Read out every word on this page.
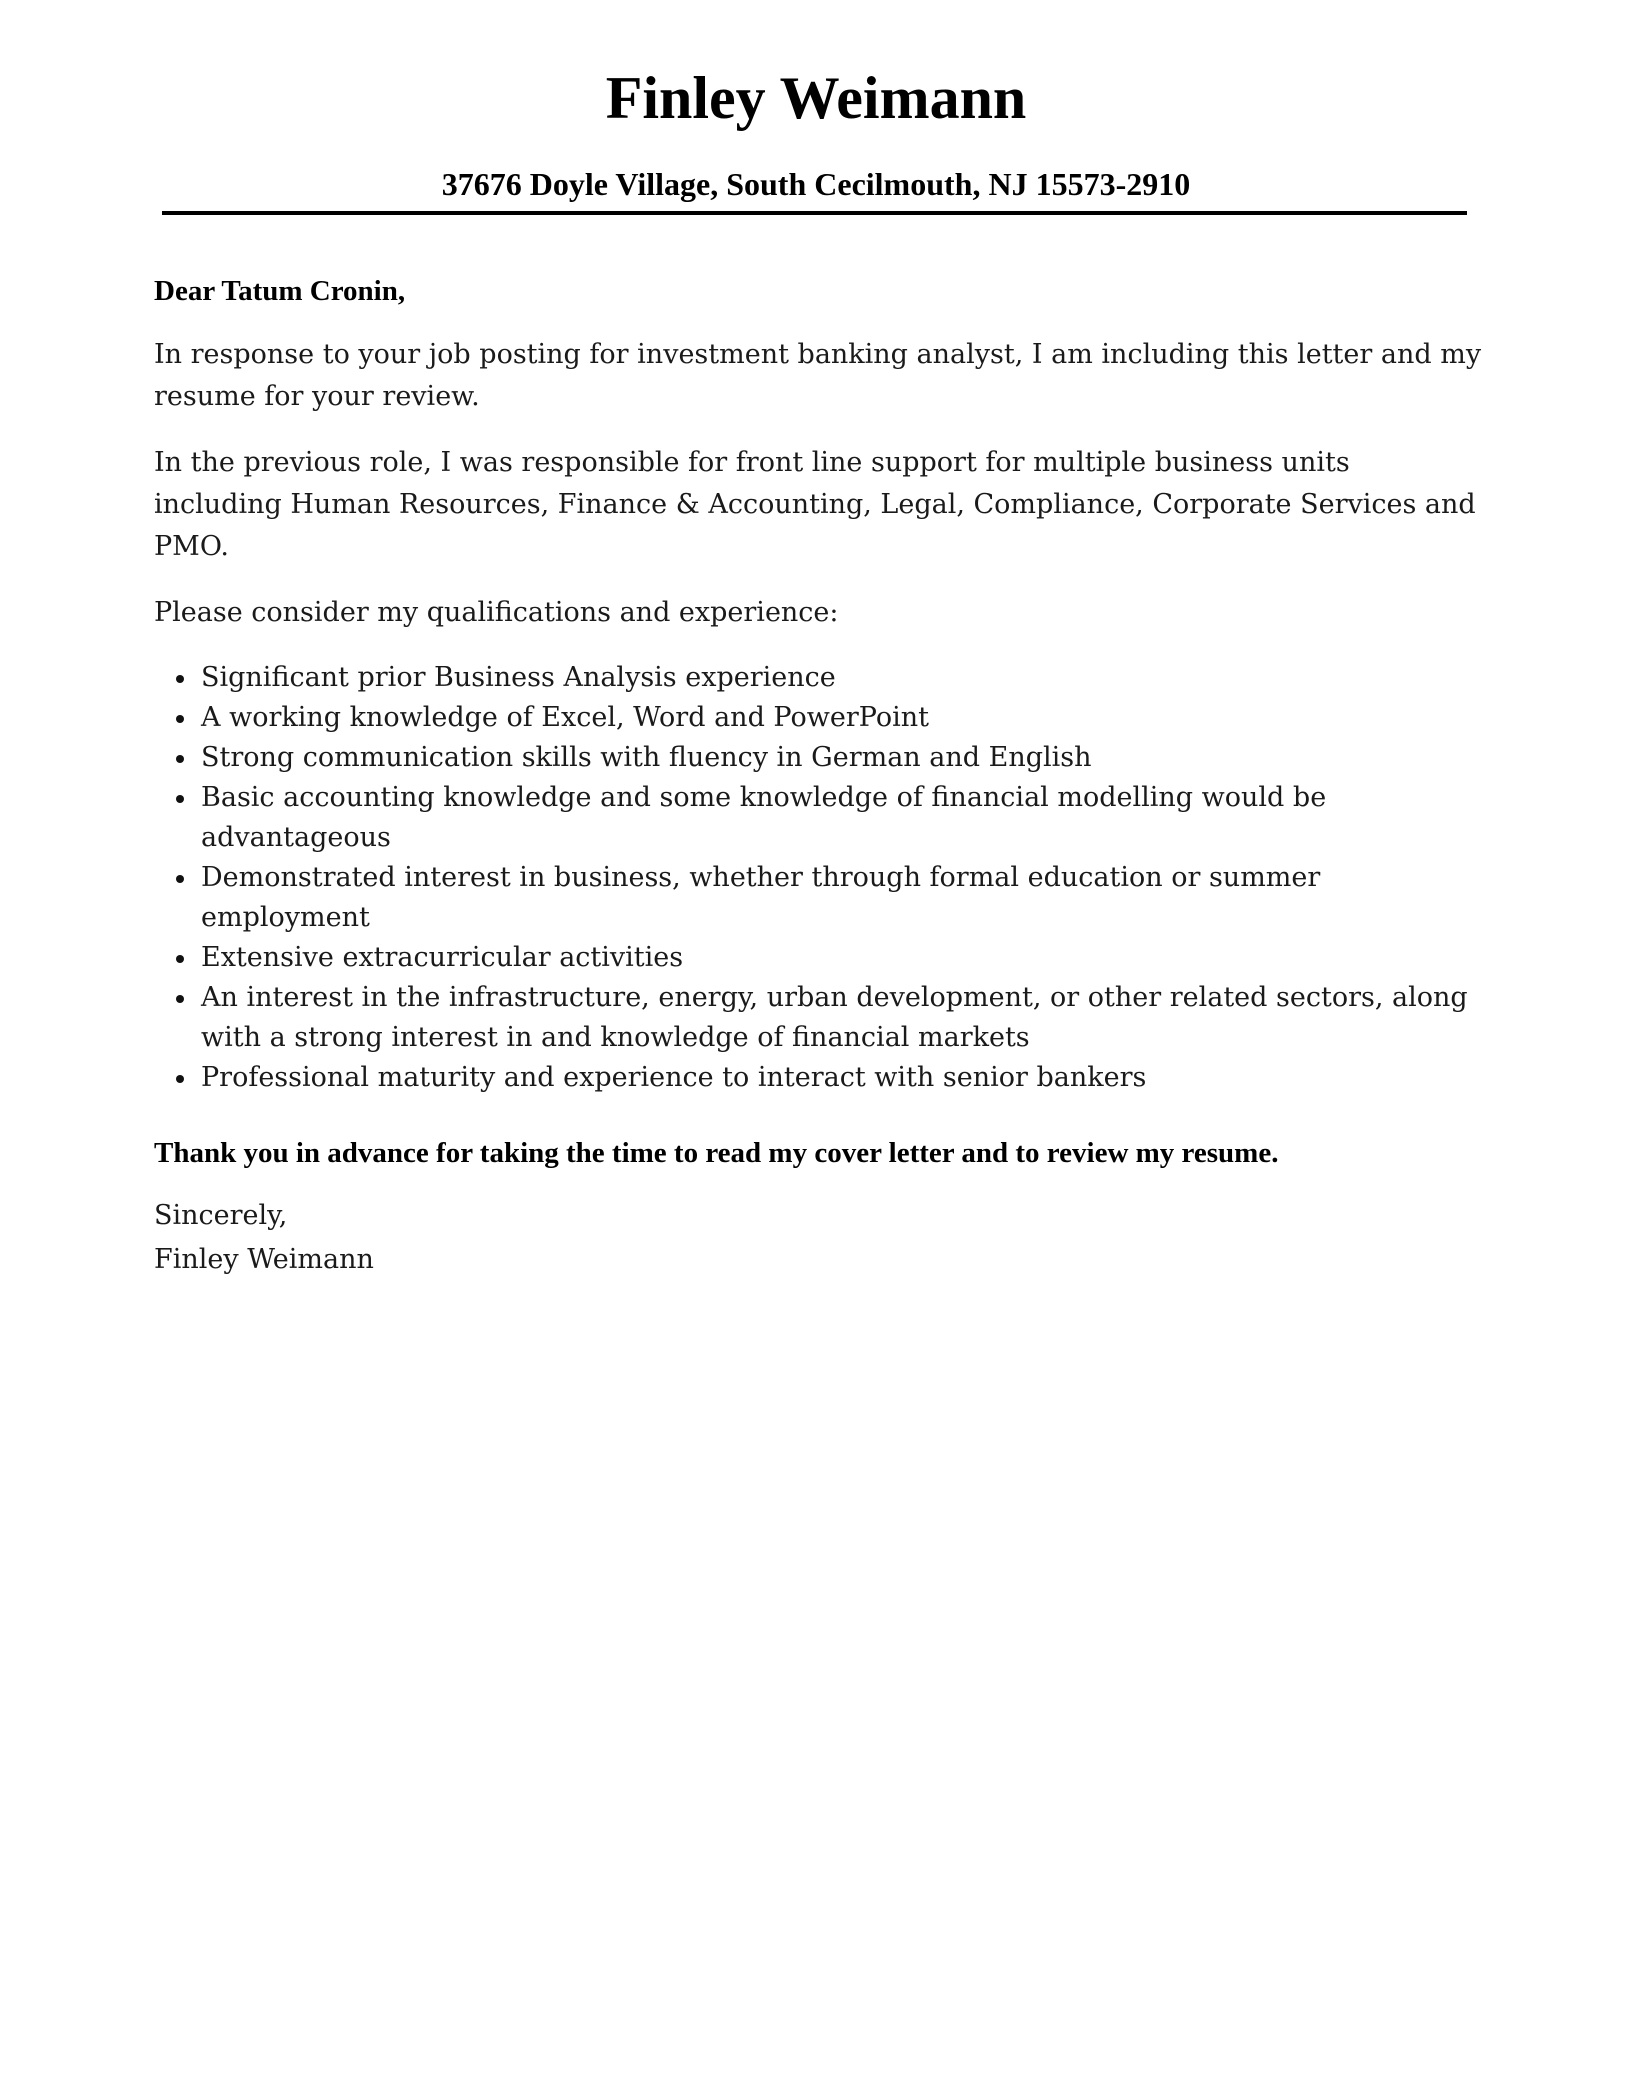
Finley Weimann
37676 Doyle Village, South Cecilmouth, NJ 15573-2910
Dear Tatum Cronin,

In response to your job posting for investment banking analyst, I am including this letter and my resume for your review.

In the previous role, I was responsible for front line support for multiple business units including Human Resources, Finance & Accounting, Legal, Compliance, Corporate Services and PMO.

Please consider my qualifications and experience:

Significant prior Business Analysis experience
A working knowledge of Excel, Word and PowerPoint
Strong communication skills with fluency in German and English
Basic accounting knowledge and some knowledge of financial modelling would be advantageous
Demonstrated interest in business, whether through formal education or summer employment
Extensive extracurricular activities
An interest in the infrastructure, energy, urban development, or other related sectors, along with a strong interest in and knowledge of financial markets
Professional maturity and experience to interact with senior bankers
Thank you in advance for taking the time to read my cover letter and to review my resume.
Sincerely,
Finley Weimann
